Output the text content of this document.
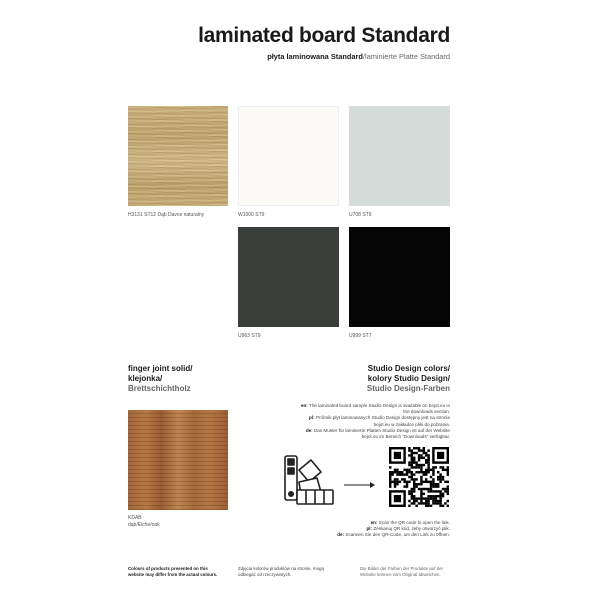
laminated board Standard
płyta laminowana Standard/laminierte Platte Standard
H3131 ST12 Dąb Davos naturalny	W1000 ST9	U708 ST9
U963 ST9	U999 ST7
finger joint solid/
klejonka/
Brettschichtholz
KDAB
dąb/Eiche/oak
Studio Design colors/
kolory Studio Design/
Studio Design-Farben
en: The laminated board sample Studio Design is available on bejot.eu in the downloads section.
pl: Próbnik płyt laminowanych Studio Design dostępny jest na stronie bejot.eu w zakładce pliki do pobrania.
de: Das Muster für laminierte Platten Studio Design ist auf der Website bejot.eu im Bereich "Downloads" verfügbar.
en: Scan the QR code to open the link.
pl: Zeskanuj QR kod, żeby otworzyć plik.
de: Scannen Sie den QR-Code, um den Link zu öffnen.
Colours of products presented on this website may differ from the actual colours.
Zdjęcia kolorów produktów na stronie, mogą odbiegać od rzeczywistych.
Die Bilder der Farben der Produkte auf der Website können vom Original abweichen.
